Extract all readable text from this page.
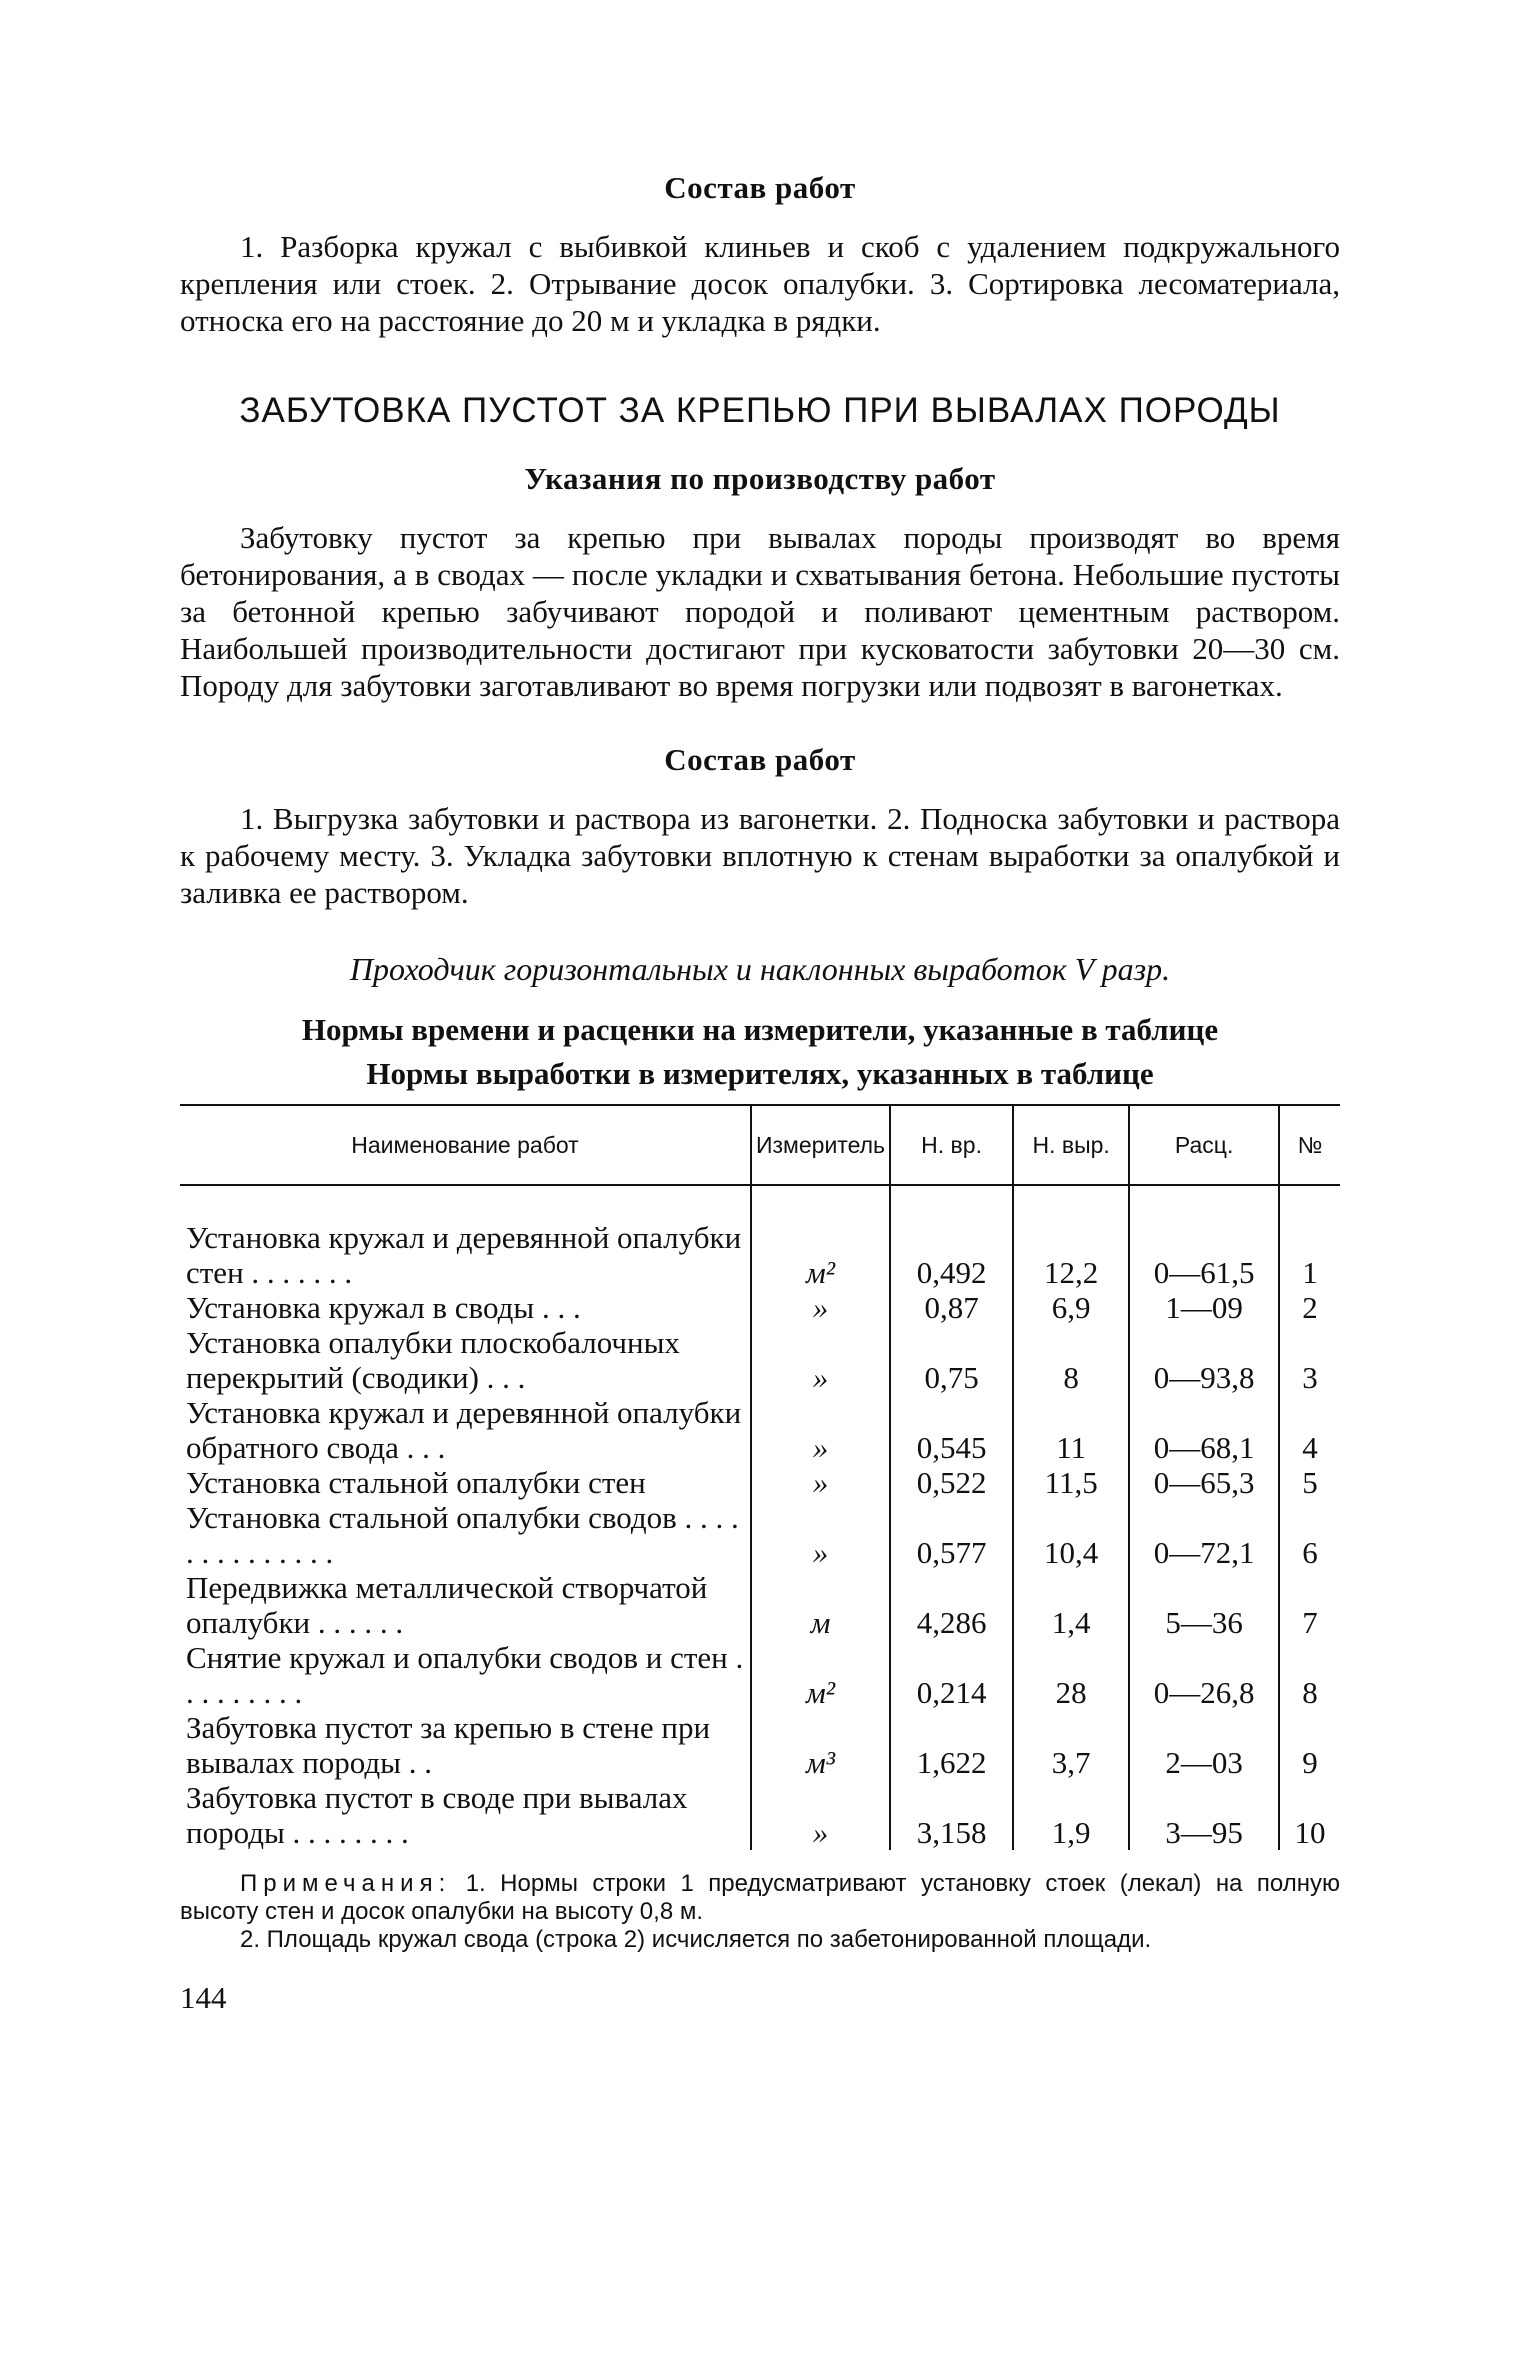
Состав работ

1. Разборка кружал с выбивкой клиньев и скоб с удалением подкружального крепления или стоек. 2. Отрывание досок опалубки. 3. Сортировка лесоматериала, относка его на расстояние до 20 м и укладка в рядки.

ЗАБУТОВКА ПУСТОТ ЗА КРЕПЬЮ ПРИ ВЫВАЛАХ ПОРОДЫ
Указания по производству работ

Забутовку пустот за крепью при вывалах породы производят во время бетонирования, а в сводах — после укладки и схватывания бетона. Небольшие пустоты за бетонной крепью забучивают породой и поливают цементным раствором. Наибольшей производительности достигают при кусковатости забутовки 20—30 см. Породу для забутовки заготавливают во время погрузки или подвозят в вагонетках.

Состав работ

1. Выгрузка забутовки и раствора из вагонетки. 2. Подноска забутовки и раствора к рабочему месту. 3. Укладка забутовки вплотную к стенам выработки за опалубкой и заливка ее раствором.

Проходчик горизонтальных и наклонных выработок V разр.
Нормы времени и расценки на измерители, указанные в таблице
Нормы выработки в измерителях, указанных в таблице
Наименование работ	Измеритель	Н. вр.	Н. выр.	Расц.	№
Установка кружал и деревянной опалубки стен . . . . . . .	м²	0,492	12,2	0—61,5	1
Установка кружал в своды . . .	»	0,87	6,9	1—09	2
Установка опалубки плоскобалочных перекрытий (сводики) . . .	»	0,75	8	0—93,8	3
Установка кружал и деревянной опалубки обратного свода . . .	»	0,545	11	0—68,1	4
Установка стальной опалубки стен	»	0,522	11,5	0—65,3	5
Установка стальной опалубки сводов . . . . . . . . . . . . . .	»	0,577	10,4	0—72,1	6
Передвижка металлической створчатой опалубки . . . . . .	м	4,286	1,4	5—36	7
Снятие кружал и опалубки сводов и стен . . . . . . . . .	м²	0,214	28	0—26,8	8
Забутовка пустот за крепью в стене при вывалах породы . .	м³	1,622	3,7	2—03	9
Забутовка пустот в своде при вывалах породы . . . . . . . .	»	3,158	1,9	3—95	10

Примечания: 1. Нормы строки 1 предусматривают установку стоек (лекал) на полную высоту стен и досок опалубки на высоту 0,8 м.

2. Площадь кружал свода (строка 2) исчисляется по забетонированной площади.

144
